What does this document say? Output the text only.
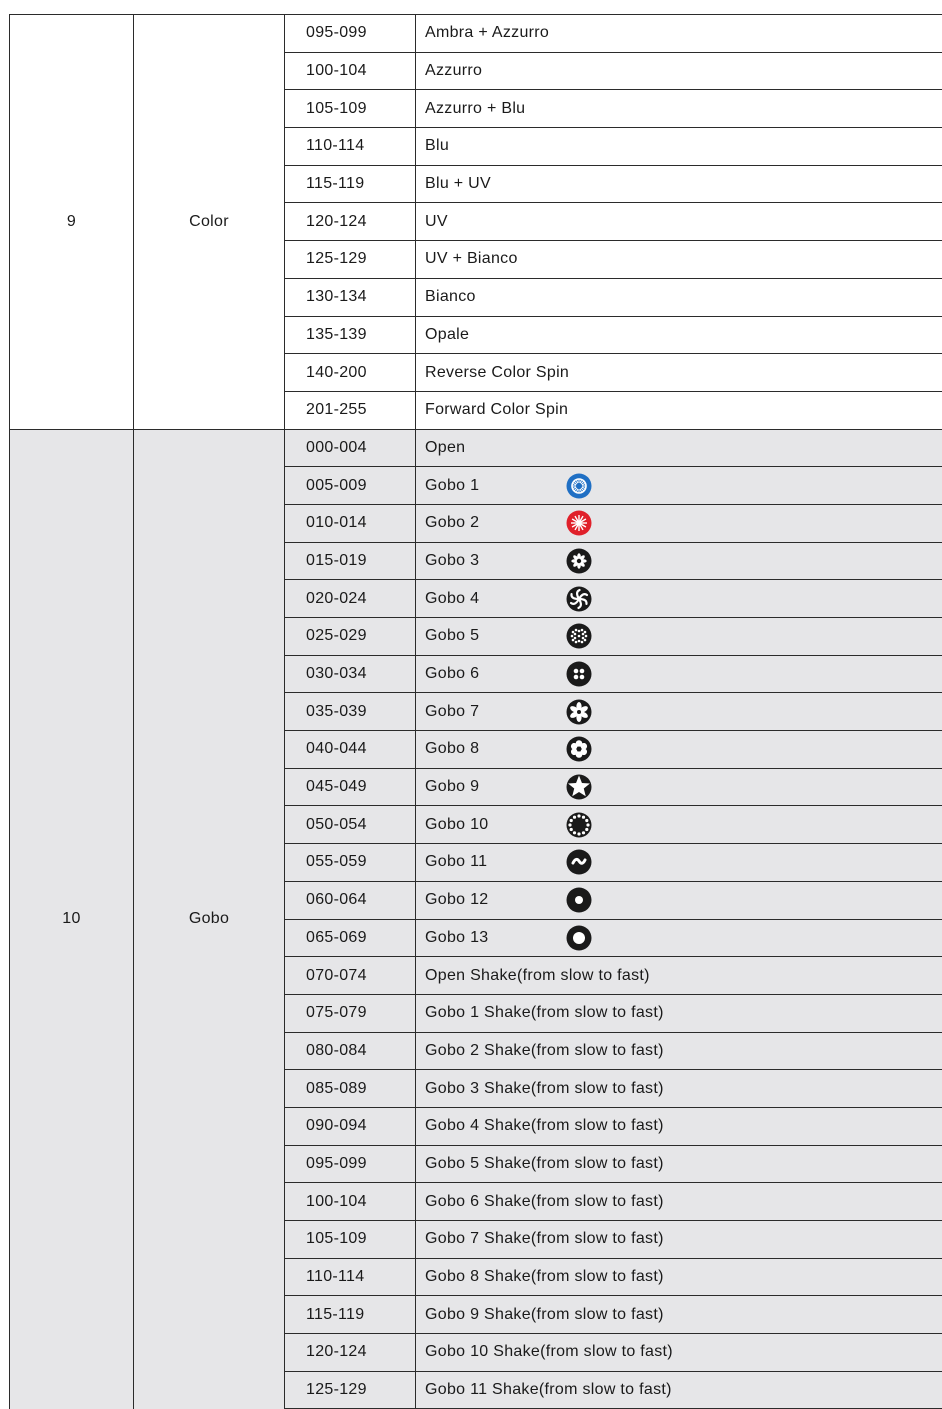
9	Color	095-099	Ambra + Azzurro
		100-104	Azzurro
		105-109	Azzurro + Blu
		110-114	Blu
		115-119	Blu + UV
		120-124	UV
		125-129	UV + Bianco
		130-134	Bianco
		135-139	Opale
		140-200	Reverse Color Spin
		201-255	Forward Color Spin
10	Gobo	000-004	Open
		005-009	Gobo 1

		010-014	Gobo 2

		015-019	Gobo 3

		020-024	Gobo 4

		025-029	Gobo 5

		030-034	Gobo 6

		035-039	Gobo 7

		040-044	Gobo 8

		045-049	Gobo 9

		050-054	Gobo 10

		055-059	Gobo 11

		060-064	Gobo 12

		065-069	Gobo 13

		070-074	Open Shake(from slow to fast)
		075-079	Gobo 1 Shake(from slow to fast)
		080-084	Gobo 2 Shake(from slow to fast)
		085-089	Gobo 3 Shake(from slow to fast)
		090-094	Gobo 4 Shake(from slow to fast)
		095-099	Gobo 5 Shake(from slow to fast)
		100-104	Gobo 6 Shake(from slow to fast)
		105-109	Gobo 7 Shake(from slow to fast)
		110-114	Gobo 8 Shake(from slow to fast)
		115-119	Gobo 9 Shake(from slow to fast)
		120-124	Gobo 10 Shake(from slow to fast)
		125-129	Gobo 11 Shake(from slow to fast)
